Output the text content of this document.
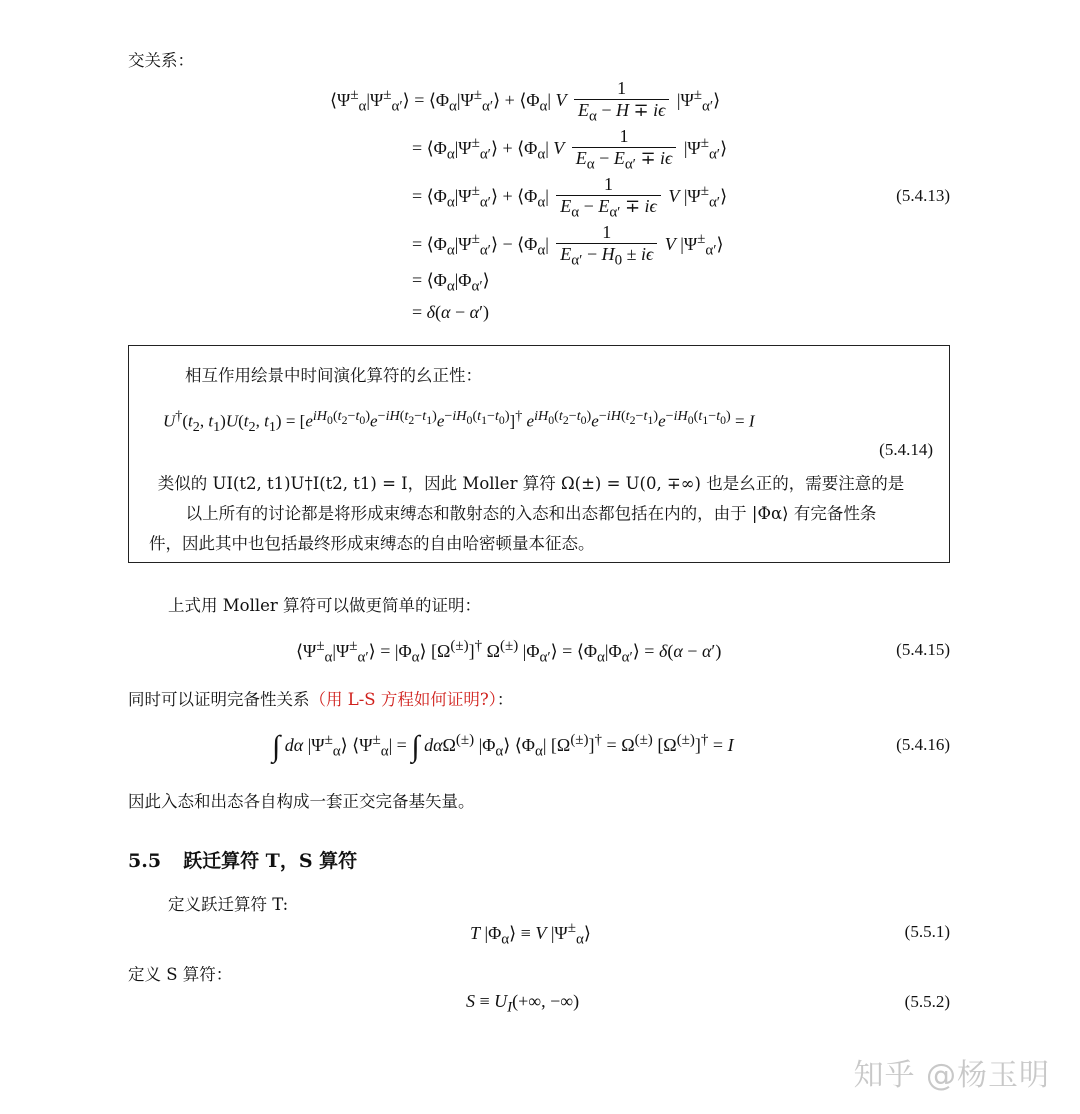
交关系：
$⟨\Psi^\pm_\alpha|\Psi^\pm_{\alpha'}⟩$ = $⟨\Phi_\alpha|\Psi^\pm_{\alpha'}⟩$ + $⟨\Phi_\alpha|$ V $\frac{1}{E_\alpha - H \mp i\epsilon}$ $|\Psi^\pm_{\alpha'}⟩$
= $⟨\Phi_\alpha|\Psi^\pm_{\alpha'}⟩$ + $⟨\Phi_\alpha|$ V $\frac{1}{E_\alpha - E_{\alpha'} \mp i\epsilon}$ $|\Psi^\pm_{\alpha'}⟩$
= $⟨\Phi_\alpha|\Psi^\pm_{\alpha'}⟩$ + $⟨\Phi_\alpha| \frac{1}{E_\alpha - E_{\alpha'} \mp i\epsilon}$ V $|\Psi^\pm_{\alpha'}⟩$
= $⟨\Phi_\alpha|\Psi^\pm_{\alpha'}⟩$ − $⟨\Phi_\alpha| \frac{1}{E_{\alpha'} - H_0 \pm i\epsilon}$ V $|\Psi^\pm_{\alpha'}⟩$
= $⟨\Phi_\alpha|\Phi_{\alpha'}⟩$
= δ(α − α′)
(5.4.13)
相互作用绘景中时间演化算符的幺正性：
$U^\dagger(t_2$, $t_1)U(t_2$, $t_1) = [e^{iH_0(t_2-t_0)}e^{-iH(t_2-t_1)}e^{-iH_0(t_1-t_0)}]^\dagger$ $e^{iH_0(t_2-t_0)}e^{-iH(t_2-t_1)}e^{-iH_0(t_1-t_0)} = I$
(5.4.14)
类似的 UI(t2, t1)U†I(t2, t1) = I，因此 Moller 算符 Ω(±) = U(0, ∓∞) 也是幺正的，需要注意的是
以上所有的讨论都是将形成束缚态和散射态的入态和出态都包括在内的，由于 |Φα⟩ 有完备性条
件，因此其中也包括最终形成束缚态的自由哈密顿量本征态。
上式用 Moller 算符可以做更简单的证明：
$⟨\Psi^\pm_\alpha|\Psi^\pm_{\alpha'}⟩$ = $|\Phi_\alpha⟩$ [Ω(±)]† Ω(±) $|\Phi_{\alpha'}⟩$ = $⟨\Phi_\alpha|\Phi_{\alpha'}⟩ = \delta(\alpha - \alpha')$	(5.4.15)
同时可以证明完备性关系（用 L-S 方程如何证明?）：
∫ dα $|\Psi^\pm_\alpha⟩$ $⟨\Psi^\pm_\alpha|$ = ∫ dαΩ(±) $|\Phi_\alpha⟩$ $⟨\Phi_\alpha|$ [Ω(±)]† = Ω(±) [Ω(±)]† = I	(5.4.16)
因此入态和出态各自构成一套正交完备基矢量。
5.5 跃迁算符 T，S 算符
定义跃迁算符 T:
T $|\Phi_\alpha⟩ \equiv V$ $|\Psi^\pm_\alpha⟩$	(5.5.1)
定义 S 算符：
$S \equiv U_I(+\infty$, −∞)	(5.5.2)
知乎 @杨玉明
